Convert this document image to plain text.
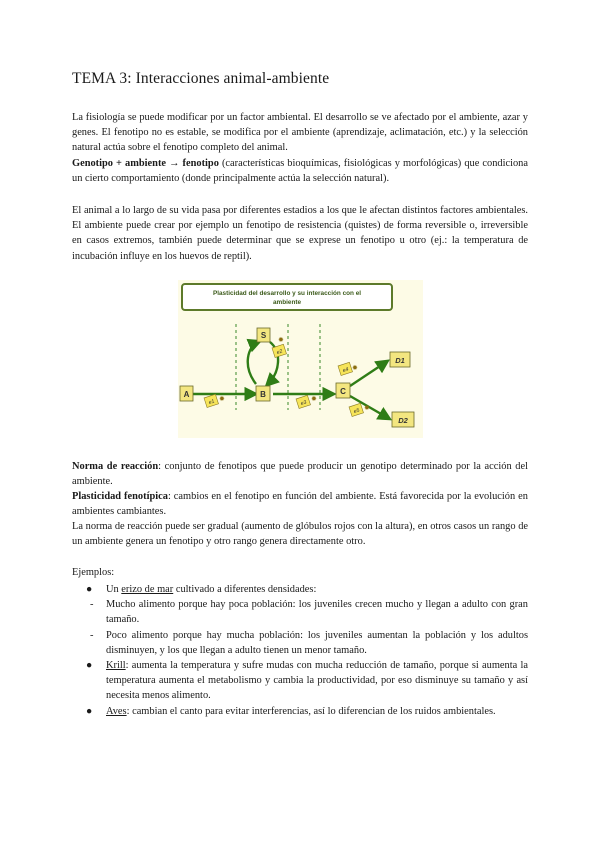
TEMA 3: Interacciones animal-ambiente

La fisiología se puede modificar por un factor ambiental. El desarrollo se ve afectado por el ambiente, azar y genes. El fenotipo no es estable, se modifica por el ambiente (aprendizaje, aclimatación, etc.) y la selección natural actúa sobre el fenotipo completo del animal.

Genotipo + ambiente → fenotipo (características bioquímicas, fisiológicas y morfológicas) que condiciona un cierto comportamiento (donde principalmente actúa la selección natural).

El animal a lo largo de su vida pasa por diferentes estadios a los que le afectan distintos factores ambientales. El ambiente puede crear por ejemplo un fenotipo de resistencia (quistes) de forma reversible o, irreversible en casos extremos, también puede determinar que se exprese un fenotipo u otro (ej.: la temperatura de incubación influye en los huevos de reptil).

Plasticidad del desarrollo y su interacción con el
ambiente
A	B
S
C
D1
D2
e1
e2
e3
e4
e5
✹
✹
✹
✹
✹

Norma de reacción: conjunto de fenotipos que puede producir un genotipo determinado por la acción del ambiente.

Plasticidad fenotípica: cambios en el fenotipo en función del ambiente. Está favorecida por la evolución en ambientes cambiantes.

La norma de reacción puede ser gradual (aumento de glóbulos rojos con la altura), en otros casos un rango de un ambiente genera un fenotipo y otro rango genera directamente otro.

Ejemplos:

● Un erizo de mar cultivado a diferentes densidades:
- Mucho alimento porque hay poca población: los juveniles crecen mucho y llegan a adulto con gran tamaño.
- Poco alimento porque hay mucha población: los juveniles aumentan la población y los adultos disminuyen, y los que llegan a adulto tienen un menor tamaño.
● Krill: aumenta la temperatura y sufre mudas con mucha reducción de tamaño, porque si aumenta la temperatura aumenta el metabolismo y cambia la productividad, por eso disminuye su tamaño y así necesita menos alimento.
● Aves: cambian el canto para evitar interferencias, así lo diferencian de los ruidos ambientales.
